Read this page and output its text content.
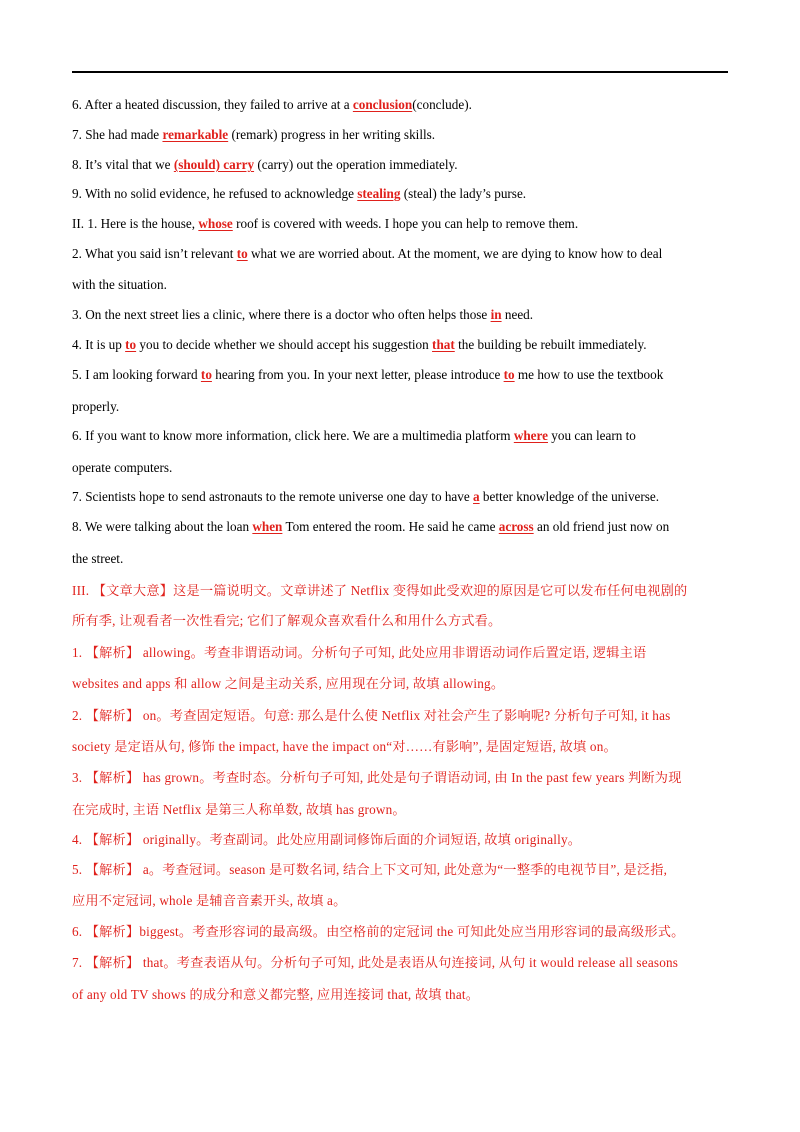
6. After a heated discussion, they failed to arrive at a conclusion(conclude).
7. She had made remarkable (remark) progress in her writing skills.
8. It’s vital that we (should) carry (carry) out the operation immediately.
9. With no solid evidence, he refused to acknowledge stealing (steal) the lady’s purse.
II. 1. Here is the house, whose roof is covered with weeds. I hope you can help to remove them.
2. What you said isn’t relevant to what we are worried about. At the moment, we are dying to know how to deal
with the situation.
3. On the next street lies a clinic, where there is a doctor who often helps those in need.
4. It is up to you to decide whether we should accept his suggestion that the building be rebuilt immediately.
5. I am looking forward to hearing from you. In your next letter, please introduce to me how to use the textbook
properly.
6. If you want to know more information, click here. We are a multimedia platform where you can learn to
operate computers.
7. Scientists hope to send astronauts to the remote universe one day to have a better knowledge of the universe.
8. We were talking about the loan when Tom entered the room. He said he came across an old friend just now on
the street.
III. 【文章大意】这是一篇说明文。文章讲述了 Netflix 变得如此受欢迎的原因是它可以发布任何电视剧的
所有季, 让观看者一次性看完; 它们了解观众喜欢看什么和用什么方式看。
1. 【解析】 allowing。考查非谓语动词。分析句子可知, 此处应用非谓语动词作后置定语, 逻辑主语
websites and apps 和 allow 之间是主动关系, 应用现在分词, 故填 allowing。
2. 【解析】 on。考查固定短语。句意: 那么是什么使 Netflix 对社会产生了影响呢? 分析句子可知, it has
society 是定语从句, 修饰 the impact, have the impact on“对……有影响”, 是固定短语, 故填 on。
3. 【解析】 has grown。考查时态。分析句子可知, 此处是句子谓语动词, 由 In the past few years 判断为现
在完成时, 主语 Netflix 是第三人称单数, 故填 has grown。
4. 【解析】 originally。考查副词。此处应用副词修饰后面的介词短语, 故填 originally。
5. 【解析】 a。考查冠词。season 是可数名词, 结合上下文可知, 此处意为“一整季的电视节目”, 是泛指,
应用不定冠词, whole 是辅音音素开头, 故填 a。
6. 【解析】biggest。考查形容词的最高级。由空格前的定冠词 the 可知此处应当用形容词的最高级形式。
7. 【解析】 that。考查表语从句。分析句子可知, 此处是表语从句连接词, 从句 it would release all seasons
of any old TV shows 的成分和意义都完整, 应用连接词 that, 故填 that。
